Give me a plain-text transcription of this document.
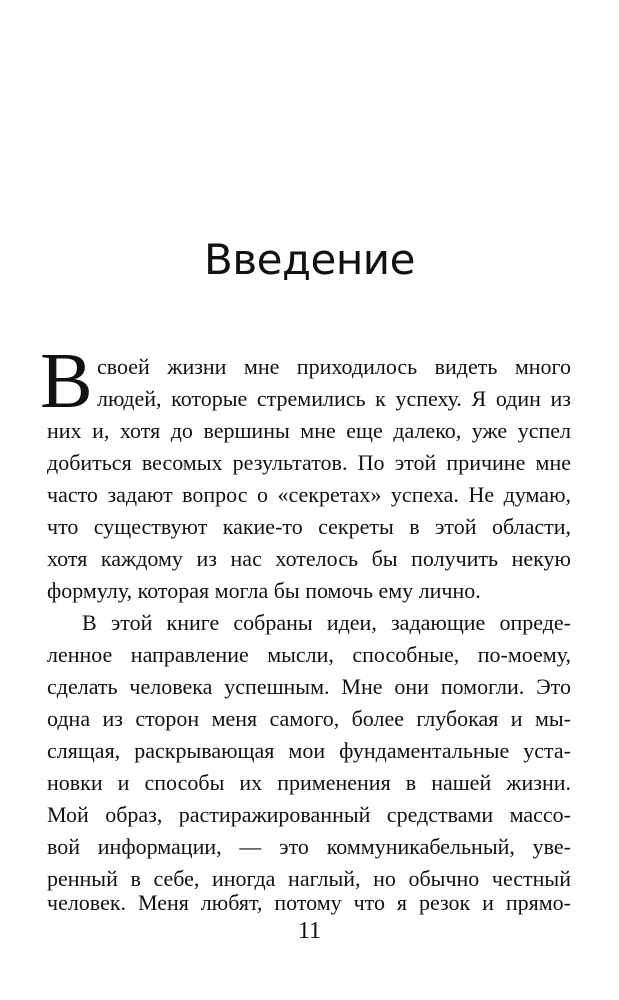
Введение
В своей жизни мне приходилось видеть много
людей, которые стремились к успеху. Я один из
них и, хотя до вершины мне еще далеко, уже успел
добиться весомых результатов. По этой причине мне
часто задают вопрос о «секретах» успеха. Не думаю,
что существуют какие-то секреты в этой области,
хотя каждому из нас хотелось бы получить некую
формулу, которая могла бы помочь ему лично.
В этой книге собраны идеи, задающие опреде-
ленное направление мысли, способные, по-моему,
сделать человека успешным. Мне они помогли. Это
одна из сторон меня самого, более глубокая и мы-
слящая, раскрывающая мои фундаментальные уста-
новки и способы их применения в нашей жизни.
Мой образ, растиражированный средствами массо-
вой информации, — это коммуникабельный, уве-
ренный в себе, иногда наглый, но обычно честный
человек. Меня любят, потому что я резок и прямо-
11
